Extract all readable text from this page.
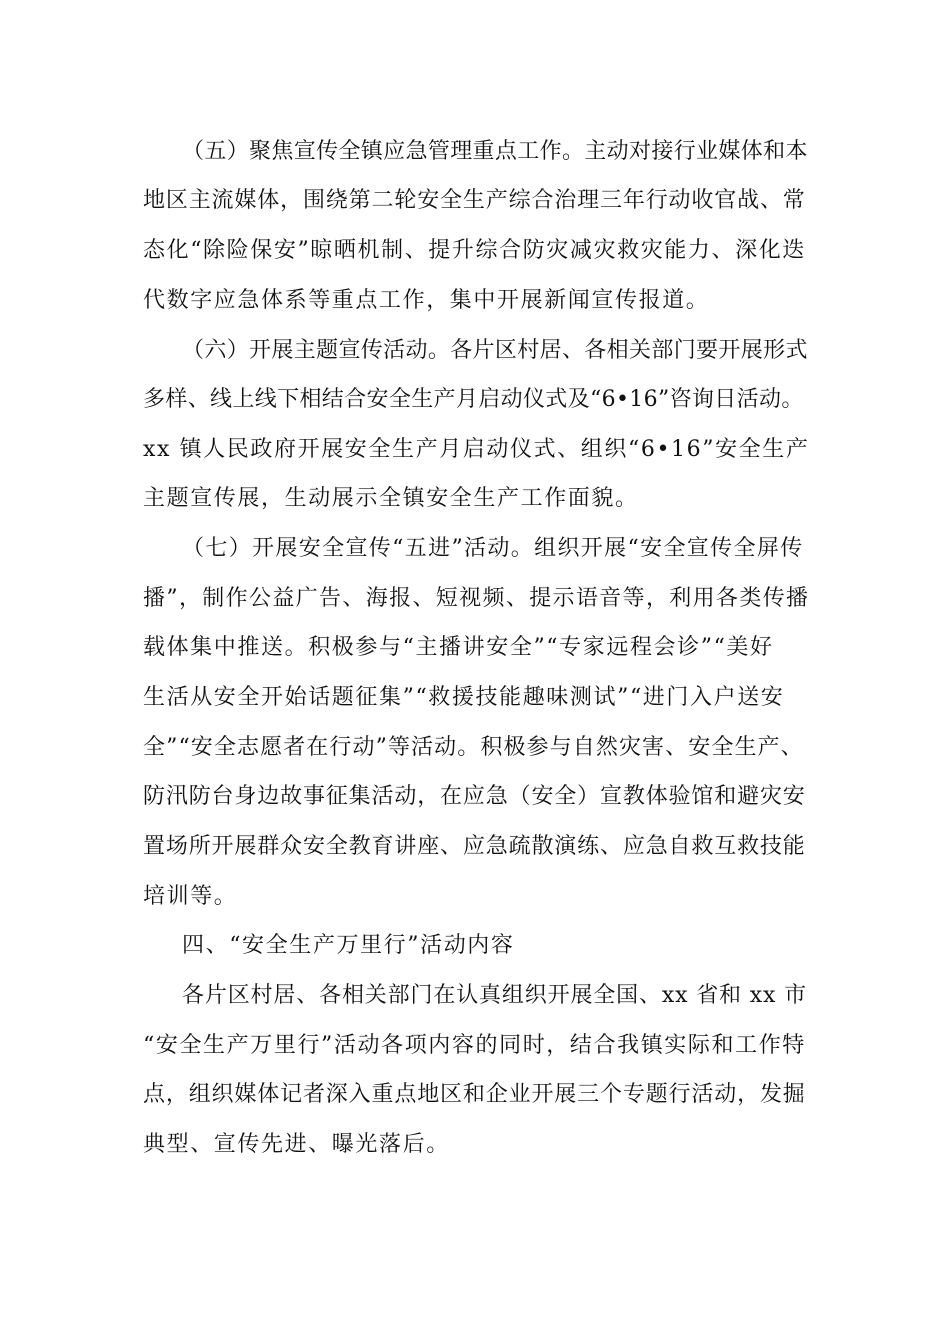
（五）聚焦宣传全镇应急管理重点工作。主动对接行业媒体和本
地区主流媒体，围绕第二轮安全生产综合治理三年行动收官战、常
态化“除险保安”晾晒机制、提升综合防灾减灾救灾能力、深化迭
代数字应急体系等重点工作，集中开展新闻宣传报道。
（六）开展主题宣传活动。各片区村居、各相关部门要开展形式
多样、线上线下相结合安全生产月启动仪式及“6•16”咨询日活动。
xx 镇人民政府开展安全生产月启动仪式、组织“6•16”安全生产
主题宣传展，生动展示全镇安全生产工作面貌。
（七）开展安全宣传“五进”活动。组织开展“安全宣传全屏传
播”，制作公益广告、海报、短视频、提示语音等，利用各类传播
载体集中推送。积极参与“主播讲安全”“专家远程会诊”“美好
生活从安全开始话题征集”“救援技能趣味测试”“进门入户送安
全”“安全志愿者在行动”等活动。积极参与自然灾害、安全生产、
防汛防台身边故事征集活动，在应急（安全）宣教体验馆和避灾安
置场所开展群众安全教育讲座、应急疏散演练、应急自救互救技能
培训等。
四、“安全生产万里行”活动内容
各片区村居、各相关部门在认真组织开展全国、xx 省和 xx 市
“安全生产万里行”活动各项内容的同时，结合我镇实际和工作特
点，组织媒体记者深入重点地区和企业开展三个专题行活动，发掘
典型、宣传先进、曝光落后。
